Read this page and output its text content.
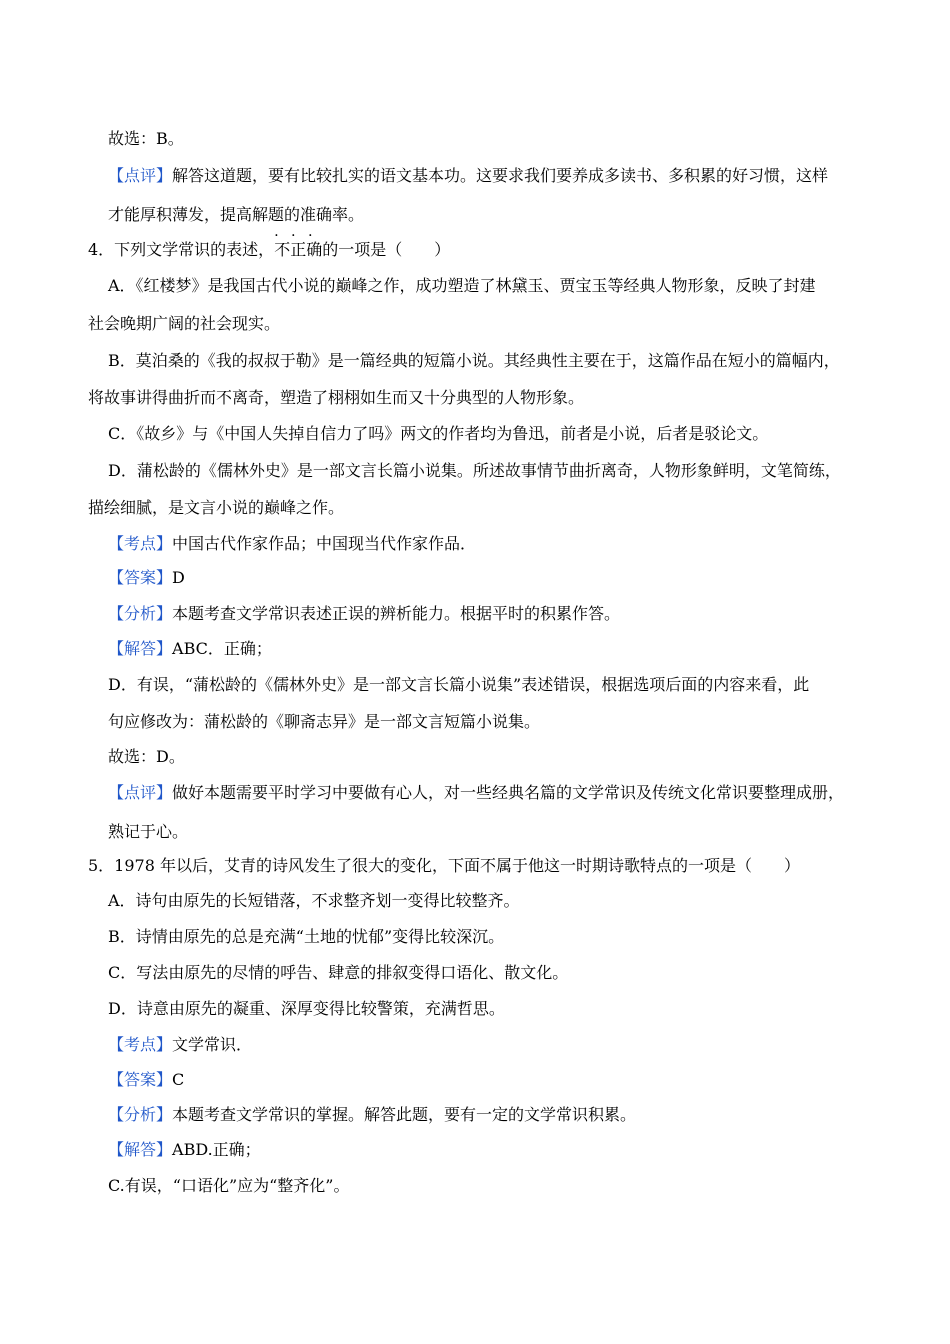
故选：B。
【点评】解答这道题，要有比较扎实的语文基本功。这要求我们要养成多读书、多积累的好习惯，这样
才能厚积薄发，提高解题的准确率。
4．下列文学常识的表述，
．．．
不正确的一项是（　　）
A．《红楼梦》是我国古代小说的巅峰之作，成功塑造了林黛玉、贾宝玉等经典人物形象，反映了封建
社会晚期广阔的社会现实。
B．莫泊桑的《我的叔叔于勒》是一篇经典的短篇小说。其经典性主要在于，这篇作品在短小的篇幅内，
将故事讲得曲折而不离奇，塑造了栩栩如生而又十分典型的人物形象。
C．《故乡》与《中国人失掉自信力了吗》两文的作者均为鲁迅，前者是小说，后者是驳论文。
D．蒲松龄的《儒林外史》是一部文言长篇小说集。所述故事情节曲折离奇，人物形象鲜明，文笔简练，
描绘细腻，是文言小说的巅峰之作。
【考点】中国古代作家作品；中国现当代作家作品．
【答案】D
【分析】本题考查文学常识表述正误的辨析能力。根据平时的积累作答。
【解答】ABC．正确；
D．有误，“蒲松龄的《儒林外史》是一部文言长篇小说集”表述错误，根据选项后面的内容来看，此
句应修改为：蒲松龄的《聊斋志异》是一部文言短篇小说集。
故选：D。
【点评】做好本题需要平时学习中要做有心人，对一些经典名篇的文学常识及传统文化常识要整理成册，
熟记于心。
5．1978 年以后，艾青的诗风发生了很大的变化，下面不属于他这一时期诗歌特点的一项是（　　）
A．诗句由原先的长短错落，不求整齐划一变得比较整齐。
B．诗情由原先的总是充满“土地的忧郁”变得比较深沉。
C．写法由原先的尽情的呼告、肆意的排叙变得口语化、散文化。
D．诗意由原先的凝重、深厚变得比较警策，充满哲思。
【考点】文学常识．
【答案】C
【分析】本题考查文学常识的掌握。解答此题，要有一定的文学常识积累。
【解答】ABD.正确；
C.有误，“口语化”应为“整齐化”。
